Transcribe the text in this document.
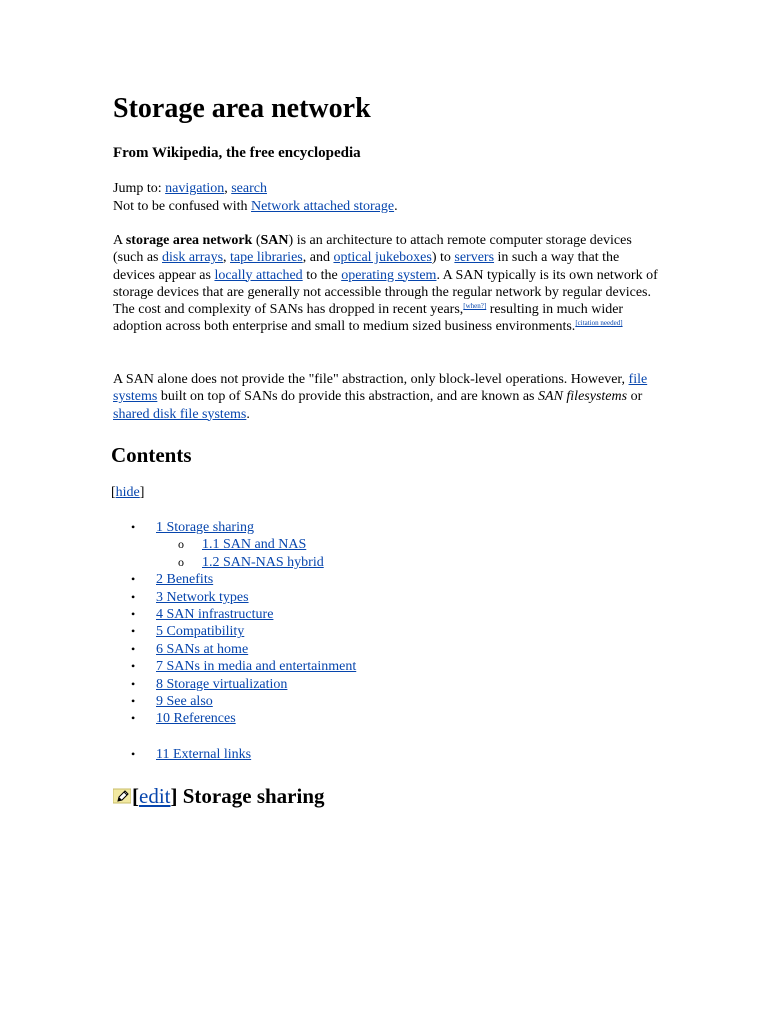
Storage area network
From Wikipedia, the free encyclopedia
Jump to: navigation, search
Not to be confused with Network attached storage.

A storage area network (SAN) is an architecture to attach remote computer storage devices (such as disk arrays, tape libraries, and optical jukeboxes) to servers in such a way that the devices appear as locally attached to the operating system. A SAN typically is its own network of storage devices that are generally not accessible through the regular network by regular devices. The cost and complexity of SANs has dropped in recent years,[when?] resulting in much wider adoption across both enterprise and small to medium sized business environments.[citation needed]

A SAN alone does not provide the "file" abstraction, only block-level operations. However, file systems built on top of SANs do provide this abstraction, and are known as SAN filesystems or shared disk file systems.

Contents
[hide]
• 1 Storage sharing
o 1.1 SAN and NAS
o 1.2 SAN-NAS hybrid
• 2 Benefits
• 3 Network types
• 4 SAN infrastructure
• 5 Compatibility
• 6 SANs at home
• 7 SANs in media and entertainment
• 8 Storage virtualization
• 9 See also
• 10 References
• 11 External links
[ edit ] Storage sharing
